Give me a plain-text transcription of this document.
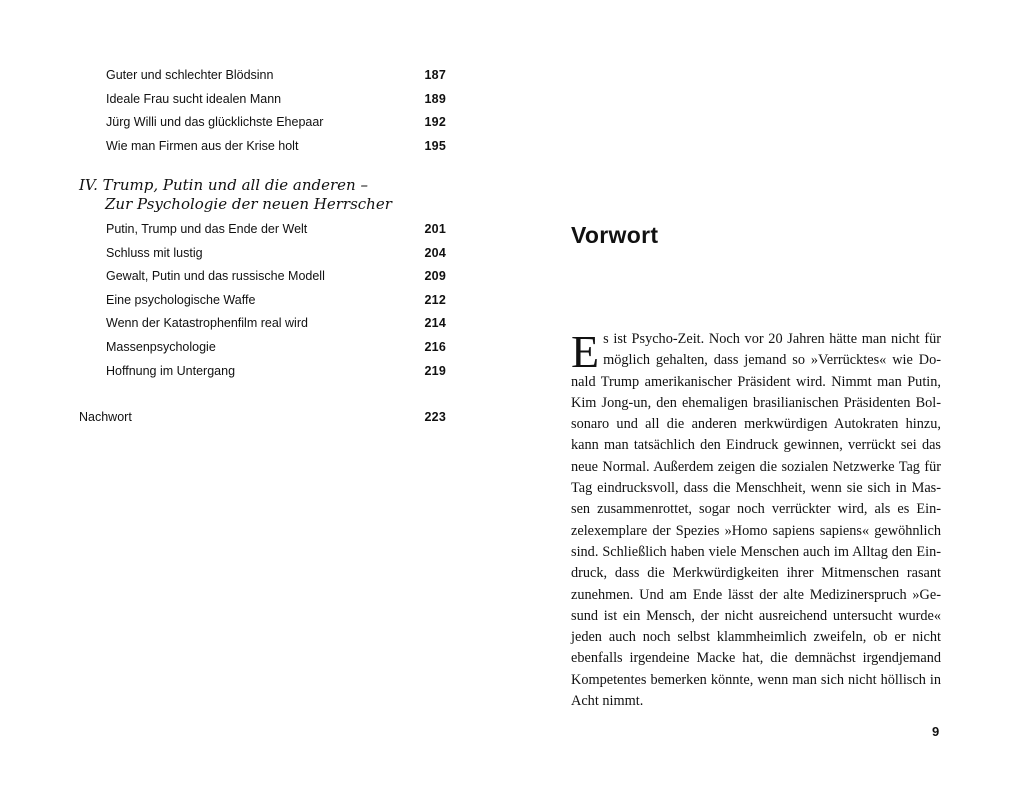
Guter und schlechter Blödsinn	187
Ideale Frau sucht idealen Mann	189
Jürg Willi und das glücklichste Ehepaar	192
Wie man Firmen aus der Krise holt	195
IV. Trump, Putin und all die anderen –
Zur Psychologie der neuen Herrscher
Putin, Trump und das Ende der Welt	201
Schluss mit lustig	204
Gewalt, Putin und das russische Modell	209
Eine psychologische Waffe	212
Wenn der Katastrophenfilm real wird	214
Massenpsychologie	216
Hoffnung im Untergang	219
Nachwort	223
Vorwort

Es ist Psycho-Zeit. Noch vor 20 Jahren hätte man nicht für möglich gehalten, dass jemand so »Verrücktes« wie Donald Trump amerikanischer Präsident wird. Nimmt man Putin, Kim Jong-un, den ehemaligen brasilianischen Präsidenten Bolsonaro und all die anderen merkwürdigen Autokraten hinzu, kann man tatsächlich den Eindruck gewinnen, verrückt sei das neue Normal. Außerdem zeigen die sozialen Netzwerke Tag für Tag eindrucksvoll, dass die Menschheit, wenn sie sich in Massen zusammenrottet, sogar noch verrückter wird, als es Einzelexemplare der Spezies »Homo sapiens sapiens« gewöhnlich sind. Schließlich haben viele Menschen auch im Alltag den Eindruck, dass die Merkwürdigkeiten ihrer Mitmenschen rasant zunehmen. Und am Ende lässt der alte Medizinerspruch »Gesund ist ein Mensch, der nicht ausreichend untersucht wurde« jeden auch noch selbst klammheimlich zweifeln, ob er nicht ebenfalls irgendeine Macke hat, die demnächst irgendjemand Kompetentes bemerken könnte, wenn man sich nicht höllisch in Acht nimmt.

9
